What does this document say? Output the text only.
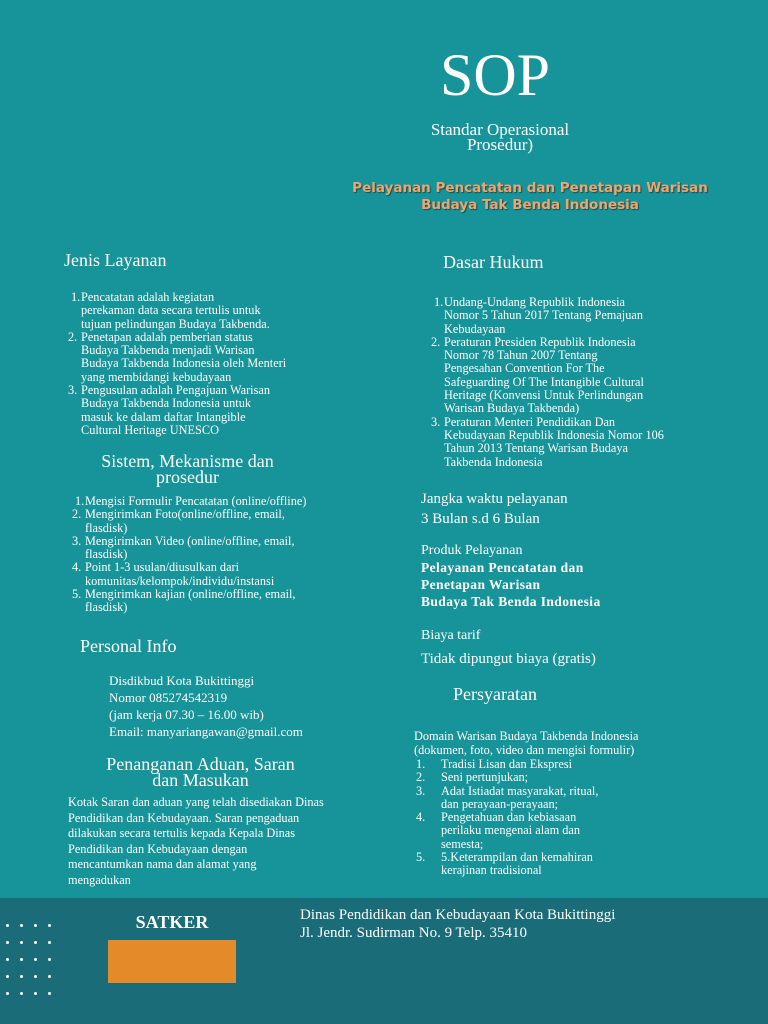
SOP
Standar Operasional
Prosedur)
Pelayanan Pencatatan dan Penetapan Warisan
Budaya Tak Benda Indonesia
Jenis Layanan
1. Pencatatan adalah kegiatan
perekaman data secara tertulis untuk
tujuan pelindungan Budaya Takbenda.
2. Penetapan adalah pemberian status
Budaya Takbenda menjadi Warisan
Budaya Takbenda Indonesia oleh Menteri
yang membidangi kebudayaan
3. Pengusulan adalah Pengajuan Warisan
Budaya Takbenda Indonesia untuk
masuk ke dalam daftar Intangible
Cultural Heritage UNESCO
Sistem, Mekanisme dan
prosedur
1. Mengisi Formulir Pencatatan (online/offline)
2. Mengirimkan Foto(online/offline, email,
flasdisk)
3. Mengirimkan Video (online/offline, email,
flasdisk)
4. Point 1-3 usulan/diusulkan dari
komunitas/kelompok/individu/instansi
5. Mengirimkan kajian (online/offline, email,
flasdisk)
Personal Info
Disdikbud Kota Bukittinggi
Nomor 085274542319
(jam kerja 07.30 – 16.00 wib)
Email: manyariangawan@gmail.com
Penanganan Aduan, Saran
dan Masukan
Kotak Saran dan aduan yang telah disediakan Dinas
Pendidikan dan Kebudayaan. Saran pengaduan
dilakukan secara tertulis kepada Kepala Dinas
Pendidikan dan Kebudayaan dengan
mencantumkan nama dan alamat yang
mengadukan
Dasar Hukum
1. Undang-Undang Republik Indonesia
Nomor 5 Tahun 2017 Tentang Pemajuan
Kebudayaan
2. Peraturan Presiden Republik Indonesia
Nomor 78 Tahun 2007 Tentang
Pengesahan Convention For The
Safeguarding Of The Intangible Cultural
Heritage (Konvensi Untuk Perlindungan
Warisan Budaya Takbenda)
3. Peraturan Menteri Pendidikan Dan
Kebudayaan Republik Indonesia Nomor 106
Tahun 2013 Tentang Warisan Budaya
Takbenda Indonesia
Jangka waktu pelayanan
3 Bulan s.d 6 Bulan
Produk Pelayanan
Pelayanan Pencatatan dan
Penetapan Warisan
Budaya Tak Benda Indonesia
Biaya tarif
Tidak dipungut biaya (gratis)
Persyaratan
Domain Warisan Budaya Takbenda Indonesia
(dokumen, foto, video dan mengisi formulir)
1. Tradisi Lisan dan Ekspresi
2. Seni pertunjukan;
3. Adat Istiadat masyarakat, ritual,
dan perayaan-perayaan;
4. Pengetahuan dan kebiasaan
perilaku mengenai alam dan
semesta;
5. 5.Keterampilan dan kemahiran
kerajinan tradisional
SATKER	Dinas Pendidikan dan Kebudayaan Kota Bukittinggi
Jl. Jendr. Sudirman No. 9 Telp. 35410
